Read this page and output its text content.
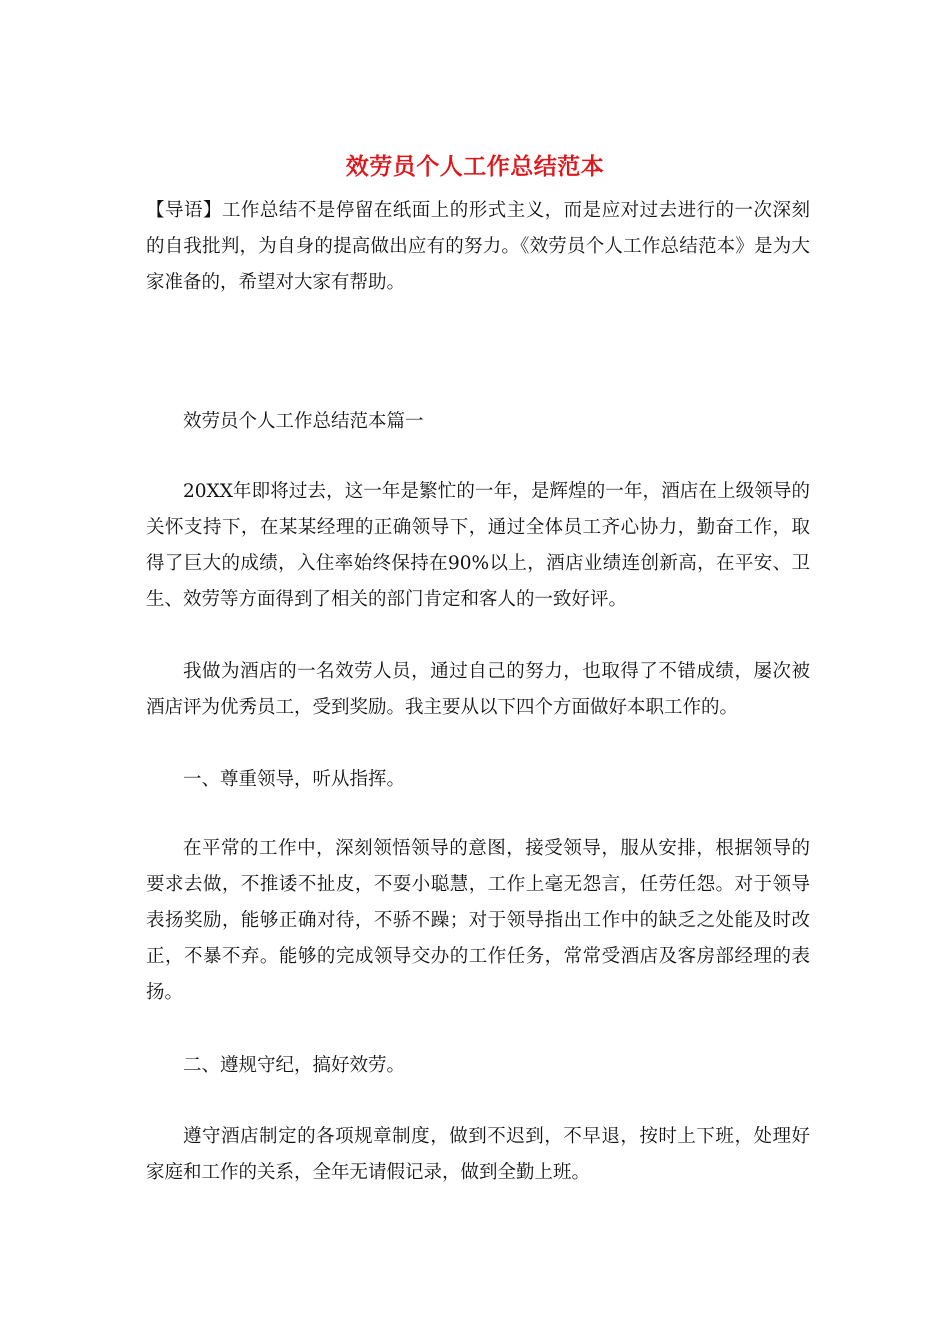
效劳员个人工作总结范本
【导语】工作总结不是停留在纸面上的形式主义，而是应对过去进行的一次深刻的自我批判，为自身的提高做出应有的努力。《效劳员个人工作总结范本》是为大家准备的，希望对大家有帮助。
效劳员个人工作总结范本篇一
20XX年即将过去，这一年是繁忙的一年，是辉煌的一年，酒店在上级领导的关怀支持下，在某某经理的正确领导下，通过全体员工齐心协力，勤奋工作，取得了巨大的成绩，入住率始终保持在90%以上，酒店业绩连创新高，在平安、卫生、效劳等方面得到了相关的部门肯定和客人的一致好评。
我做为酒店的一名效劳人员，通过自己的努力，也取得了不错成绩，屡次被酒店评为优秀员工，受到奖励。我主要从以下四个方面做好本职工作的。
一、尊重领导，听从指挥。
在平常的工作中，深刻领悟领导的意图，接受领导，服从安排，根据领导的要求去做，不推诿不扯皮，不耍小聪慧，工作上毫无怨言，任劳任怨。对于领导表扬奖励，能够正确对待，不骄不躁；对于领导指出工作中的缺乏之处能及时改正，不暴不弃。能够的完成领导交办的工作任务，常常受酒店及客房部经理的表扬。
二、遵规守纪，搞好效劳。
遵守酒店制定的各项规章制度，做到不迟到，不早退，按时上下班，处理好家庭和工作的关系，全年无请假记录，做到全勤上班。
